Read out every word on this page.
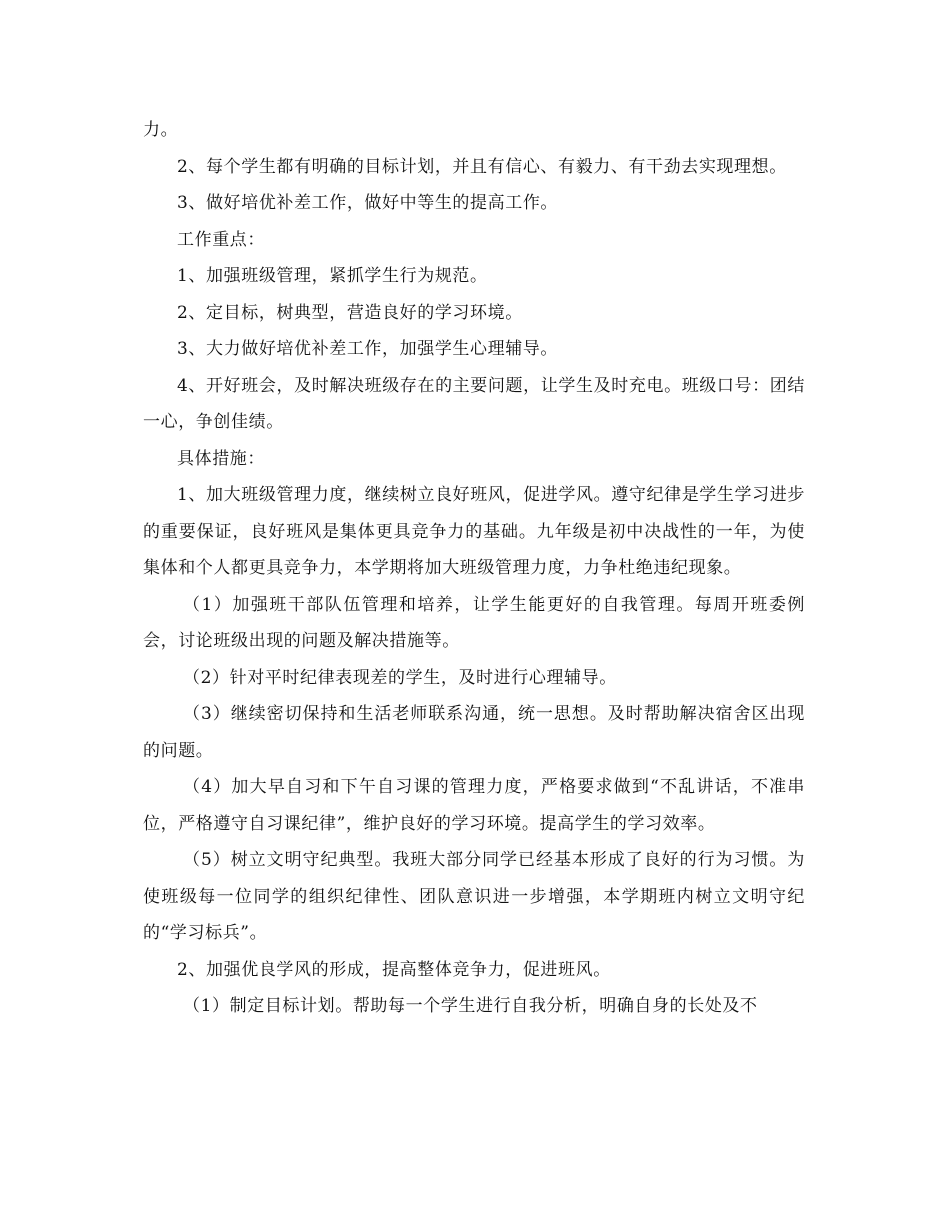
力。

2、每个学生都有明确的目标计划，并且有信心、有毅力、有干劲去实现理想。

3、做好培优补差工作，做好中等生的提高工作。

工作重点：

1、加强班级管理，紧抓学生行为规范。

2、定目标，树典型，营造良好的学习环境。

3、大力做好培优补差工作，加强学生心理辅导。

4、开好班会，及时解决班级存在的主要问题，让学生及时充电。班级口号：团结一心，争创佳绩。

具体措施：

1、加大班级管理力度，继续树立良好班风，促进学风。遵守纪律是学生学习进步的重要保证，良好班风是集体更具竞争力的基础。九年级是初中决战性的一年，为使集体和个人都更具竞争力，本学期将加大班级管理力度，力争杜绝违纪现象。

（1）加强班干部队伍管理和培养，让学生能更好的自我管理。每周开班委例会，讨论班级出现的问题及解决措施等。

（2）针对平时纪律表现差的学生，及时进行心理辅导。

（3）继续密切保持和生活老师联系沟通，统一思想。及时帮助解决宿舍区出现的问题。

（4）加大早自习和下午自习课的管理力度，严格要求做到“不乱讲话，不准串位，严格遵守自习课纪律”，维护良好的学习环境。提高学生的学习效率。

（5）树立文明守纪典型。我班大部分同学已经基本形成了良好的行为习惯。为使班级每一位同学的组织纪律性、团队意识进一步增强，本学期班内树立文明守纪的“学习标兵”。

2、加强优良学风的形成，提高整体竞争力，促进班风。

（1）制定目标计划。帮助每一个学生进行自我分析，明确自身的长处及不
